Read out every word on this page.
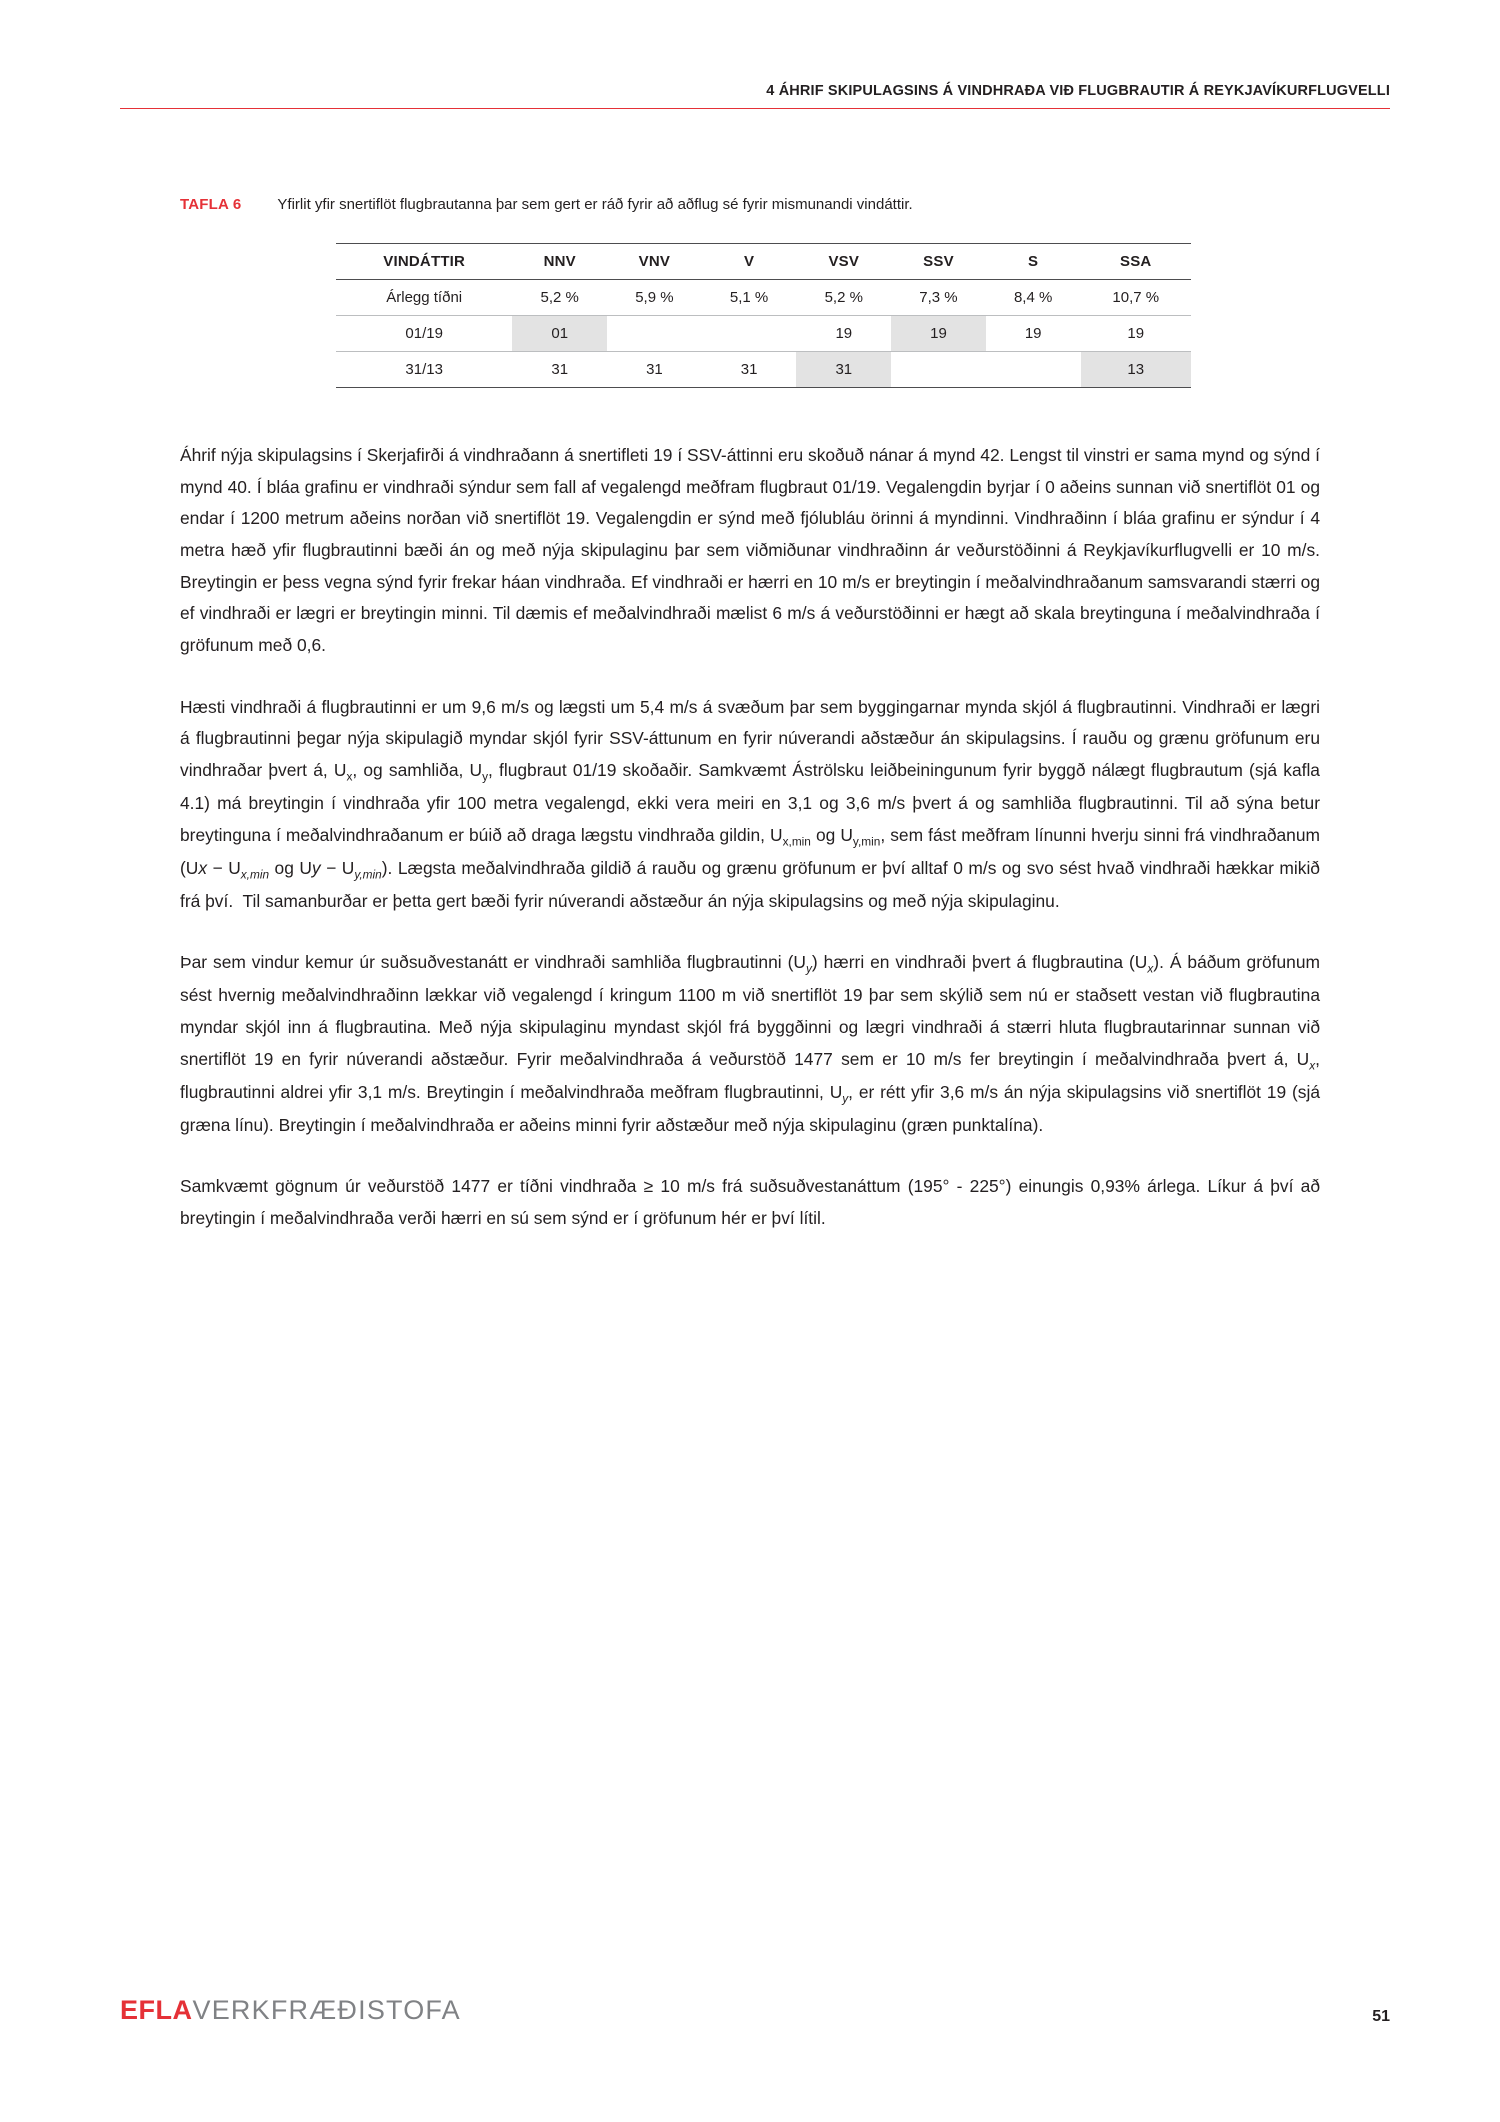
4 ÁHRIF SKIPULAGSINS Á VINDHRAÐA VIÐ FLUGBRAUTIR Á REYKJAVÍKURFLUGVELLI
TAFLA 6 Yfirlit yfir snertiflöt flugbrautanna þar sem gert er ráð fyrir að aðflug sé fyrir mismunandi vindáttir.
VINDÁTTIR	NNV	VNV	V	VSV	SSV	S	SSA
Árlegg tíðni	5,2 %	5,9 %	5,1 %	5,2 %	7,3 %	8,4 %	10,7 %
01/19	01			19	19	19	19
31/13	31	31	31	31			13

Áhrif nýja skipulagsins í Skerjafirði á vindhraðann á snertifleti 19 í SSV-áttinni eru skoðuð nánar á mynd 42. Lengst til vinstri er sama mynd og sýnd í mynd 40. Í bláa grafinu er vindhraði sýndur sem fall af vegalengd meðfram flugbraut 01/19. Vegalengdin byrjar í 0 aðeins sunnan við snertiflöt 01 og endar í 1200 metrum aðeins norðan við snertiflöt 19. Vegalengdin er sýnd með fjólubláu örinni á myndinni. Vindhraðinn í bláa grafinu er sýndur í 4 metra hæð yfir flugbrautinni bæði án og með nýja skipulaginu þar sem viðmiðunar vindhraðinn ár veðurstöðinni á Reykjavíkurflugvelli er 10 m/s. Breytingin er þess vegna sýnd fyrir frekar háan vindhraða. Ef vindhraði er hærri en 10 m/s er breytingin í meðalvindhraðanum samsvarandi stærri og ef vindhraði er lægri er breytingin minni. Til dæmis ef meðalvindhraði mælist 6 m/s á veðurstöðinni er hægt að skala breytinguna í meðalvindhraða í gröfunum með 0,6.

Hæsti vindhraði á flugbrautinni er um 9,6 m/s og lægsti um 5,4 m/s á svæðum þar sem byggingarnar mynda skjól á flugbrautinni. Vindhraði er lægri á flugbrautinni þegar nýja skipulagið myndar skjól fyrir SSV-áttunum en fyrir núverandi aðstæður án skipulagsins. Í rauðu og grænu gröfunum eru vindhraðar þvert á, $U_x$, og samhliða, $U_y$, flugbraut 01/19 skoðaðir. Samkvæmt Áströlsku leiðbeiningunum fyrir byggð nálægt flugbrautum (sjá kafla 4.1) má breytingin í vindhraða yfir 100 metra vegalengd, ekki vera meiri en 3,1 og 3,6 m/s þvert á og samhliða flugbrautinni. Til að sýna betur breytinguna í meðalvindhraðanum er búið að draga lægstu vindhraða gildin, $U_{x,min}$ og $U_{y,min}$, sem fást meðfram línunni hverju sinni frá vindhraðanum ($Ux - U_{x,min}$ og $Uy - U_{y,min}$). Lægsta meðalvindhraða gildið á rauðu og grænu gröfunum er því alltaf 0 m/s og svo sést hvað vindhraði hækkar mikið frá því.  Til samanburðar er þetta gert bæði fyrir núverandi aðstæður án nýja skipulagsins og með nýja skipulaginu.

Þar sem vindur kemur úr suðsuðvestanátt er vindhraði samhliða flugbrautinni $(U_y)$ hærri en vindhraði þvert á flugbrautina $(U_x)$. Á báðum gröfunum sést hvernig meðalvindhraðinn lækkar við vegalengd í kringum 1100 m við snertiflöt 19 þar sem skýlið sem nú er staðsett vestan við flugbrautina myndar skjól inn á flugbrautina. Með nýja skipulaginu myndast skjól frá byggðinni og lægri vindhraði á stærri hluta flugbrautarinnar sunnan við snertiflöt 19 en fyrir núverandi aðstæður. Fyrir meðalvindhraða á veðurstöð 1477 sem er 10 m/s fer breytingin í meðalvindhraða þvert á, $U_x$, flugbrautinni aldrei yfir 3,1 m/s. Breytingin í meðalvindhraða meðfram flugbrautinni, $U_y$, er rétt yfir 3,6 m/s án nýja skipulagsins við snertiflöt 19 (sjá græna línu). Breytingin í meðalvindhraða er aðeins minni fyrir aðstæður með nýja skipulaginu (græn punktalína).

Samkvæmt gögnum úr veðurstöð 1477 er tíðni vindhraða ≥ 10 m/s frá suðsuðvestanáttum (195° - 225°) einungis 0,93% árlega. Líkur á því að breytingin í meðalvindhraða verði hærri en sú sem sýnd er í gröfunum hér er því lítil.

EFLAVERKFRÆÐISTOFA	51
